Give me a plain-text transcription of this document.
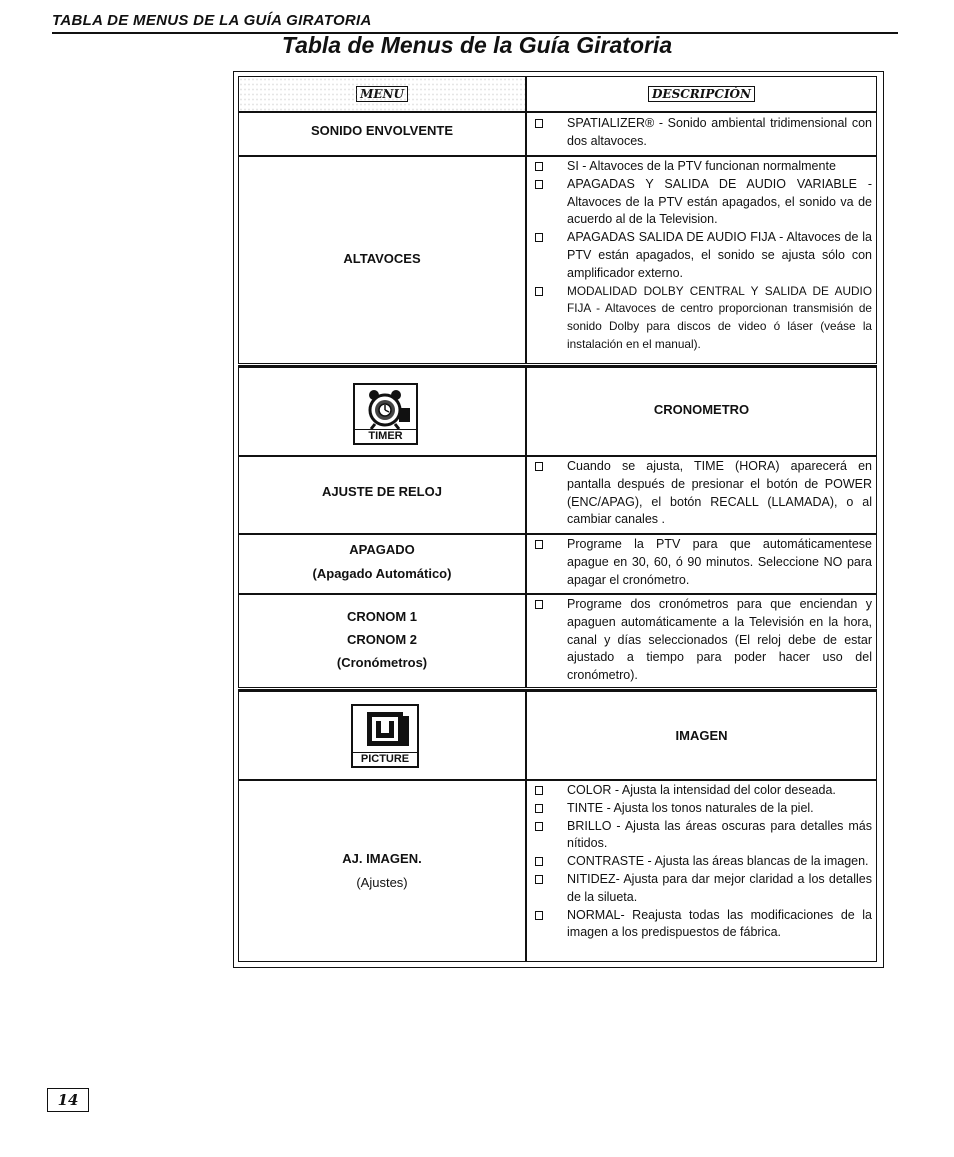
TABLA DE MENUS DE LA GUÍA GIRATORIA
Tabla de Menus de la Guía Giratoria
MENU	DESCRIPCIÓN
SONIDO ENVOLVENTE	SPATIALIZER® - Sonido ambiental tridimensional con dos altavoces.
ALTAVOCES
SI - Altavoces de la PTV funcionan normalmente
APAGADAS Y SALIDA DE AUDIO VARIABLE - Altavoces de la PTV están apagados, el sonido va de acuerdo al de la Television.
APAGADAS SALIDA DE AUDIO FIJA - Altavoces de la PTV están apagados, el sonido se ajusta sólo con amplificador externo.
MODALIDAD DOLBY CENTRAL Y SALIDA DE AUDIO FIJA - Altavoces de centro proporcionan transmisión de sonido Dolby para discos de video ó láser (veáse la instalación en el manual).
TIMER
CRONOMETRO
AJUSTE DE RELOJ
Cuando se ajusta, TIME (HORA) aparecerá en pantalla después de presionar el botón de POWER (ENC/APAG), el botón RECALL (LLAMADA), o al cambiar canales .
APAGADO
(Apagado Automático)
Programe la PTV para que automáticamentese apague en 30, 60, ó 90 minutos. Seleccione NO para apagar el cronómetro.
CRONOM 1
CRONOM 2
(Cronómetros)
Programe dos cronómetros para que enciendan y apaguen automáticamente a la Televisión en la hora, canal y días seleccionados (El reloj debe de estar ajustado a tiempo para poder hacer uso del cronómetro).
PICTURE
IMAGEN
AJ. IMAGEN.
(Ajustes)
COLOR - Ajusta la intensidad del color deseada.
TINTE - Ajusta los tonos naturales de la piel.
BRILLO - Ajusta las áreas oscuras para detalles más nítidos.
CONTRASTE - Ajusta las áreas blancas de la imagen.
NITIDEZ- Ajusta para dar mejor claridad a los detalles de la silueta.
NORMAL- Reajusta todas las modificaciones de la imagen a los predispuestos de fábrica.
14
